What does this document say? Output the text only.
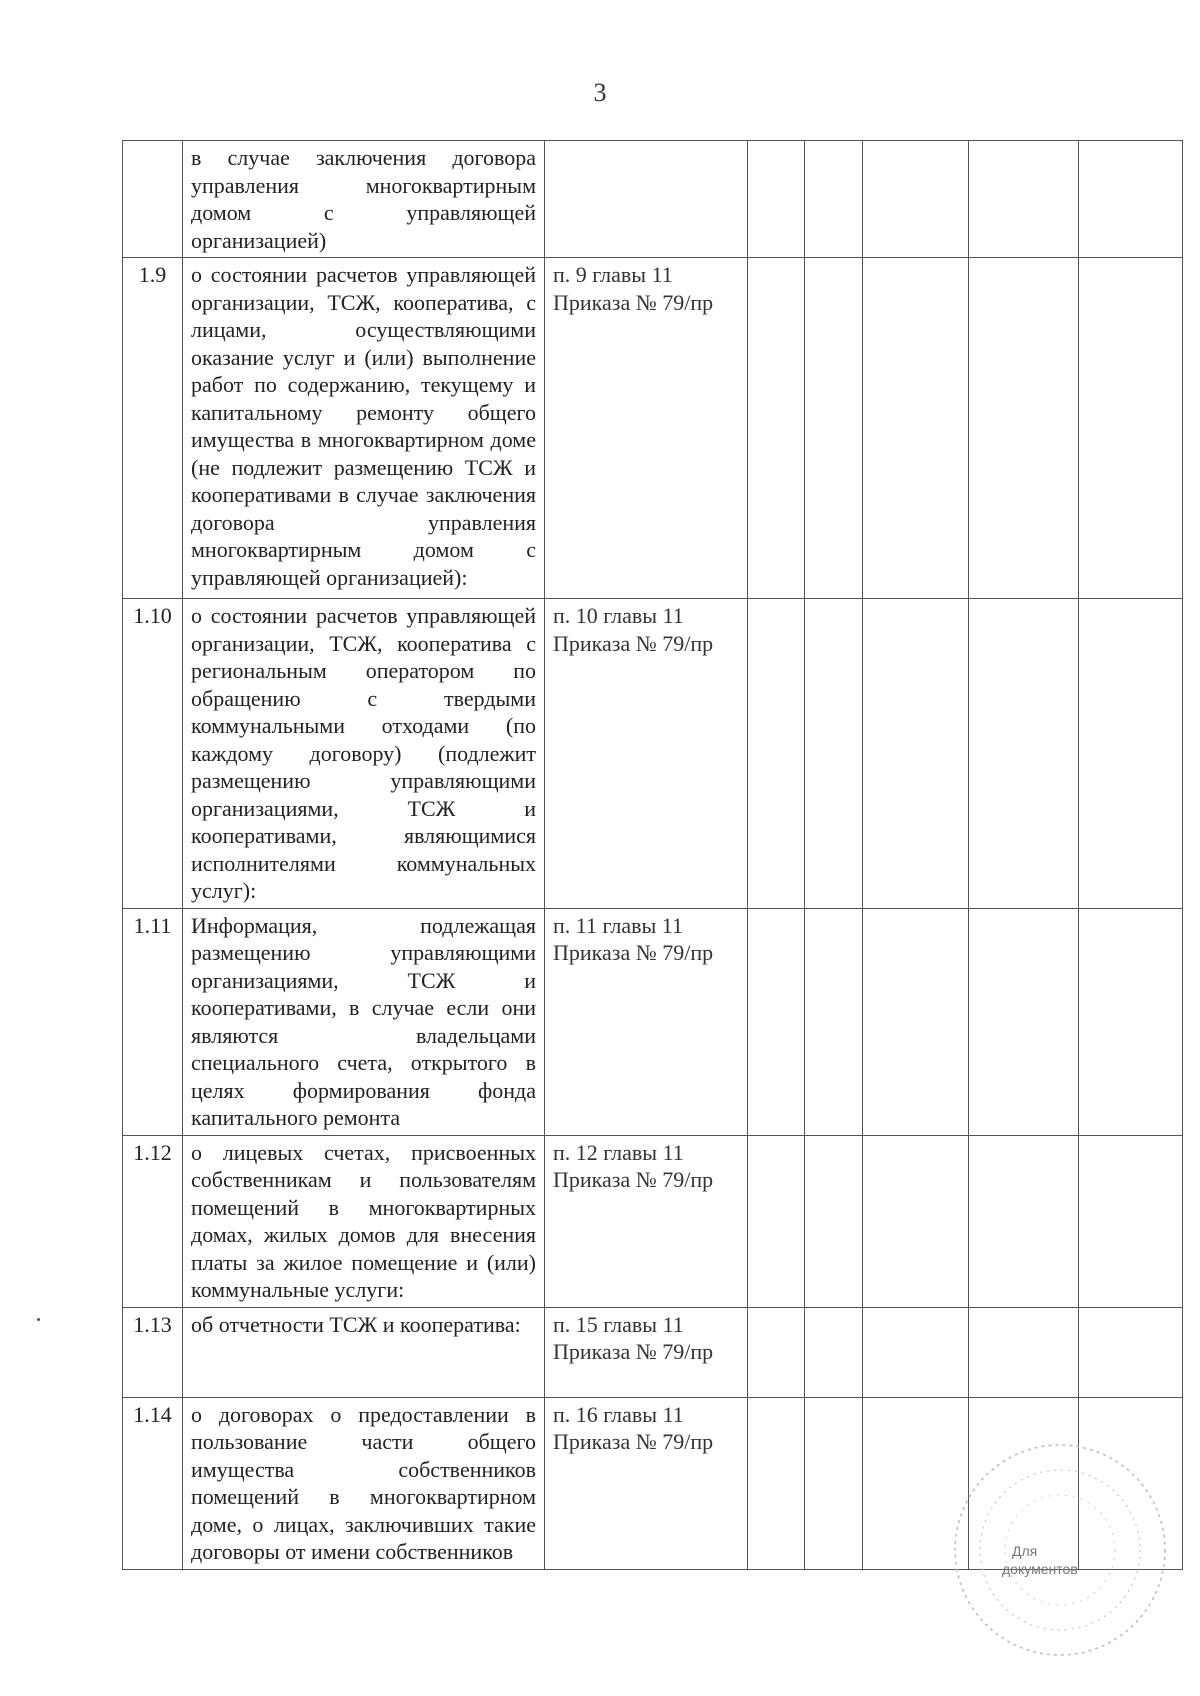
3
	в случае заключения договора управления многоквартирным домом с управляющей организацией)						
1.9	о состоянии расчетов управляющей организации, ТСЖ, кооператива, с лицами, осуществляющими оказание услуг и (или) выполнение работ по содержанию, текущему и капитальному ремонту общего имущества в многоквартирном доме (не подлежит размещению ТСЖ и кооперативами в случае заключения договора управления многоквартирным домом с управляющей организацией):	п. 9 главы 11 Приказа № 79/пр					
1.10	о состоянии расчетов управляющей организации, ТСЖ, кооператива с региональным оператором по обращению с твердыми коммунальными отходами (по каждому договору) (подлежит размещению управляющими организациями, ТСЖ и кооперативами, являющимися исполнителями коммунальных услуг):	п. 10 главы 11 Приказа № 79/пр					
1.11	Информация, подлежащая размещению управляющими организациями, ТСЖ и кооперативами, в случае если они являются владельцами специального счета, открытого в целях формирования фонда капитального ремонта	п. 11 главы 11 Приказа № 79/пр					
1.12	о лицевых счетах, присвоенных собственникам и пользователям помещений в многоквартирных домах, жилых домов для внесения платы за жилое помещение и (или) коммунальные услуги:	п. 12 главы 11 Приказа № 79/пр					
1.13	об отчетности ТСЖ и кооператива:	п. 15 главы 11 Приказа № 79/пр					
1.14	о договорах о предоставлении в пользование части общего имущества собственников помещений в многоквартирном доме, о лицах, заключивших такие договоры от имени собственников	п. 16 главы 11 Приказа № 79/пр					
Для
документов
